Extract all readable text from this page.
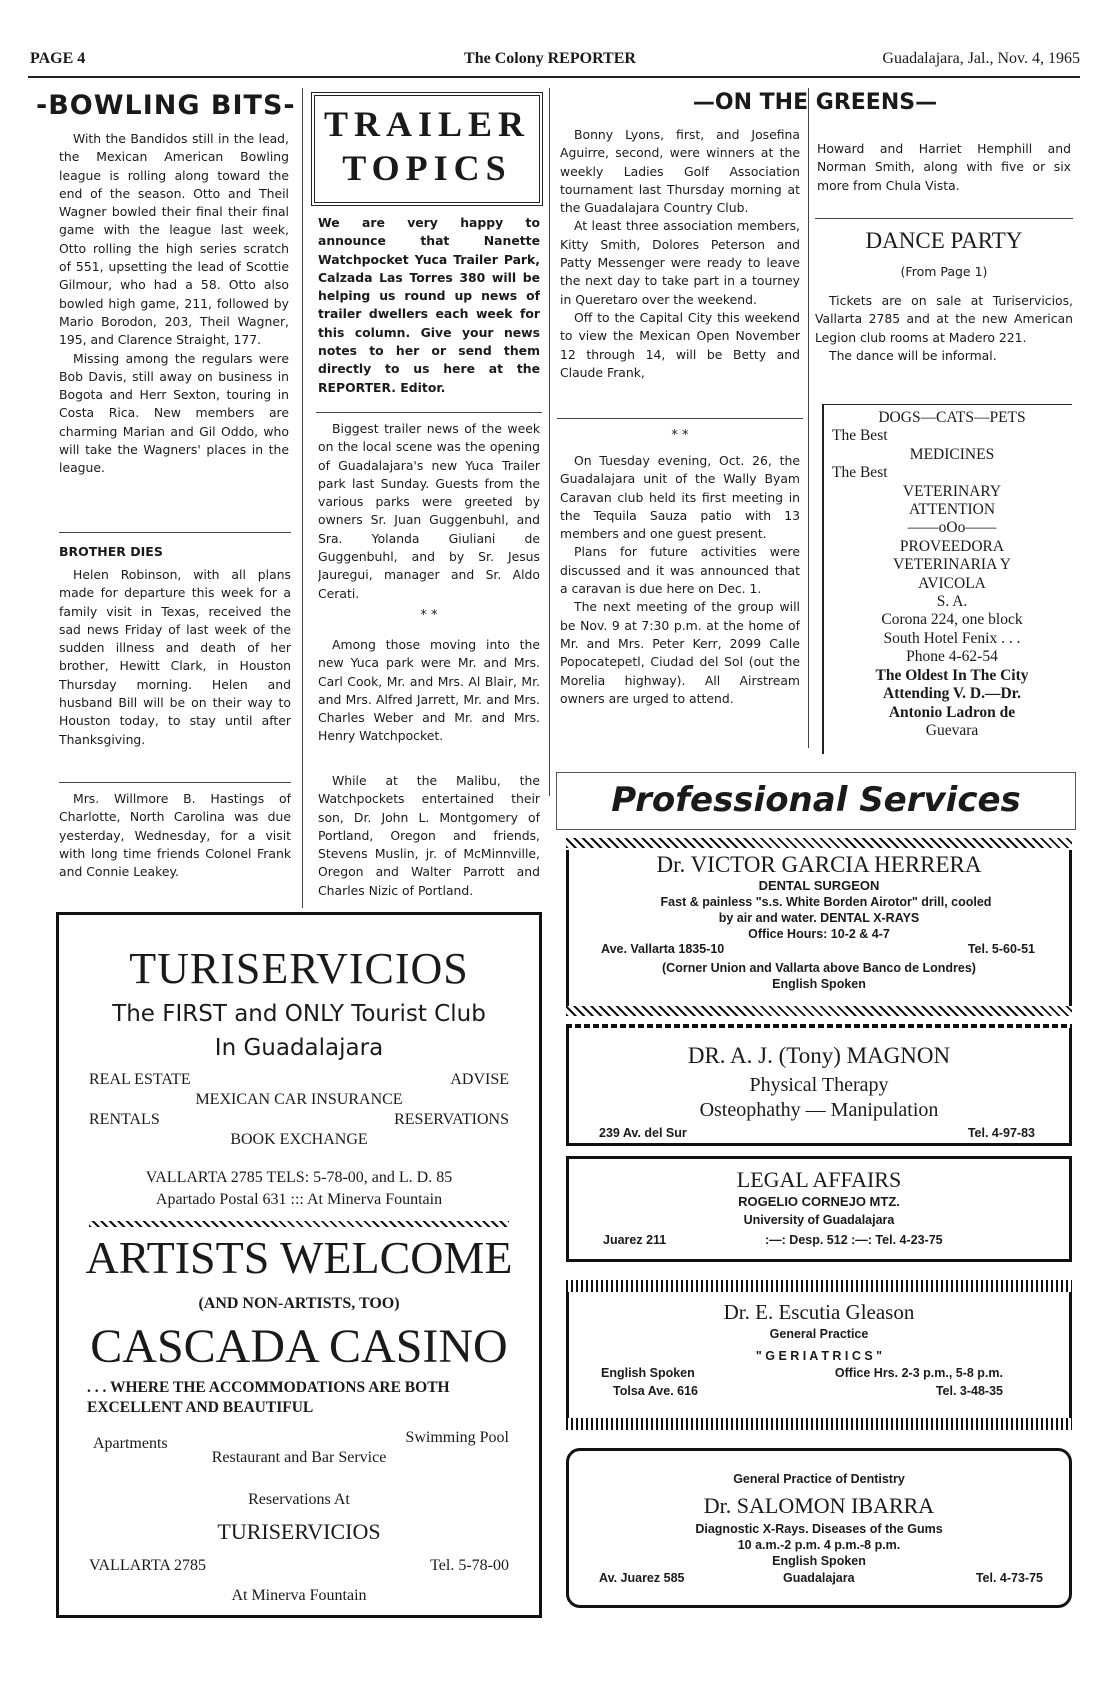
PAGE 4	The Colony REPORTER	Guadalajara, Jal., Nov. 4, 1965
-BOWLING BITS-

With the Bandidos still in the lead, the Mexican American Bowling league is rolling along toward the end of the season. Otto and Theil Wagner bowled their final their final game with the league last week, Otto rolling the high series scratch of 551, upsetting the lead of Scottie Gilmour, who had a 58. Otto also bowled high game, 211, followed by Mario Borodon, 203, Theil Wagner, 195, and Clarence Straight, 177.

Missing among the regulars were Bob Davis, still away on business in Bogota and Herr Sexton, touring in Costa Rica. New members are charming Marian and Gil Oddo, who will take the Wagners' places in the league.

BROTHER DIES

Helen Robinson, with all plans made for departure this week for a family visit in Texas, received the sad news Friday of last week of the sudden illness and death of her brother, Hewitt Clark, in Houston Thursday morning. Helen and husband Bill will be on their way to Houston today, to stay until after Thanksgiving.

Mrs. Willmore B. Hastings of Charlotte, North Carolina was due yesterday, Wednesday, for a visit with long time friends Colonel Frank and Connie Leakey.

TRAILER
TOPICS

We are very happy to announce that Nanette Watchpocket Yuca Trailer Park, Calzada Las Torres 380 will be helping us round up news of trailer dwellers each week for this column. Give your news notes to her or send them directly to us here at the REPORTER. Editor.

Biggest trailer news of the week on the local scene was the opening of Guadalajara's new Yuca Trailer park last Sunday. Guests from the various parks were greeted by owners Sr. Juan Guggenbuhl, and Sra. Yolanda Giuliani de Guggenbuhl, and by Sr. Jesus Jauregui, manager and Sr. Aldo Cerati.

* *

Among those moving into the new Yuca park were Mr. and Mrs. Carl Cook, Mr. and Mrs. Al Blair, Mr. and Mrs. Alfred Jarrett, Mr. and Mrs. Charles Weber and Mr. and Mrs. Henry Watchpocket.

While at the Malibu, the Watchpockets entertained their son, Dr. John L. Montgomery of Portland, Oregon and friends, Stevens Muslin, jr. of McMinnville, Oregon and Walter Parrott and Charles Nizic of Portland.

—ON THE GREENS—

Bonny Lyons, first, and Josefina Aguirre, second, were winners at the weekly Ladies Golf Association tournament last Thursday morning at the Guadalajara Country Club.

At least three association members, Kitty Smith, Dolores Peterson and Patty Messenger were ready to leave the next day to take part in a tourney in Queretaro over the weekend.

Off to the Capital City this weekend to view the Mexican Open November 12 through 14, will be Betty and Claude Frank,

Howard and Harriet Hemphill and Norman Smith, along with five or six more from Chula Vista.

* *

On Tuesday evening, Oct. 26, the Guadalajara unit of the Wally Byam Caravan club held its first meeting in the Tequila Sauza patio with 13 members and one guest present.

Plans for future activities were discussed and it was announced that a caravan is due here on Dec. 1.

The next meeting of the group will be Nov. 9 at 7:30 p.m. at the home of Mr. and Mrs. Peter Kerr, 2099 Calle Popocatepetl, Ciudad del Sol (out the Morelia highway). All Airstream owners are urged to attend.

DANCE PARTY
(From Page 1)

Tickets are on sale at Turiservicios, Vallarta 2785 and at the new American Legion club rooms at Madero 221.

The dance will be informal.

DOGS—CATS—PETS
The Best
MEDICINES
The Best
VETERINARY
ATTENTION
——oOo——
PROVEEDORA
VETERINARIA Y
AVICOLA
S. A.
Corona 224, one block
South Hotel Fenix . . .
Phone 4-62-54
The Oldest In The City
Attending V. D.—Dr.
Antonio Ladron de
Guevara
TURISERVICIOS
The FIRST and ONLY Tourist Club
In Guadalajara
REAL ESTATE	ADVISE
MEXICAN CAR INSURANCE
RENTALS	RESERVATIONS
BOOK EXCHANGE
VALLARTA 2785 TELS: 5-78-00, and L. D. 85
Apartado Postal 631 ::: At Minerva Fountain
ARTISTS WELCOME
(AND NON-ARTISTS, TOO)
CASCADA CASINO
. . . WHERE THE ACCOMMODATIONS ARE BOTH
EXCELLENT AND BEAUTIFUL
Apartments	Swimming Pool
Restaurant and Bar Service
Reservations At
TURISERVICIOS
VALLARTA 2785	Tel. 5-78-00
At Minerva Fountain
Professional Services
Dr. VICTOR GARCIA HERRERA
DENTAL SURGEON
Fast & painless "s.s. White Borden Airotor" drill, cooled
by air and water. DENTAL X-RAYS
Office Hours: 10-2 & 4-7
Ave. Vallarta 1835-10	Tel. 5-60-51
(Corner Union and Vallarta above Banco de Londres)
English Spoken
DR. A. J. (Tony) MAGNON
Physical Therapy
Osteophathy — Manipulation
239 Av. del Sur	Tel. 4-97-83
LEGAL AFFAIRS
ROGELIO CORNEJO MTZ.
University of Guadalajara
Juarez 211	:—: Desp. 512 :—: Tel. 4-23-75
Dr. E. Escutia Gleason
General Practice
" G E R I A T R I C S "
English Spoken	Office Hrs. 2-3 p.m., 5-8 p.m.
Tolsa Ave. 616	Tel. 3-48-35
General Practice of Dentistry
Dr. SALOMON IBARRA
Diagnostic X-Rays. Diseases of the Gums
10 a.m.-2 p.m. 4 p.m.-8 p.m.
English Spoken
Av. Juarez 585	Guadalajara	Tel. 4-73-75
